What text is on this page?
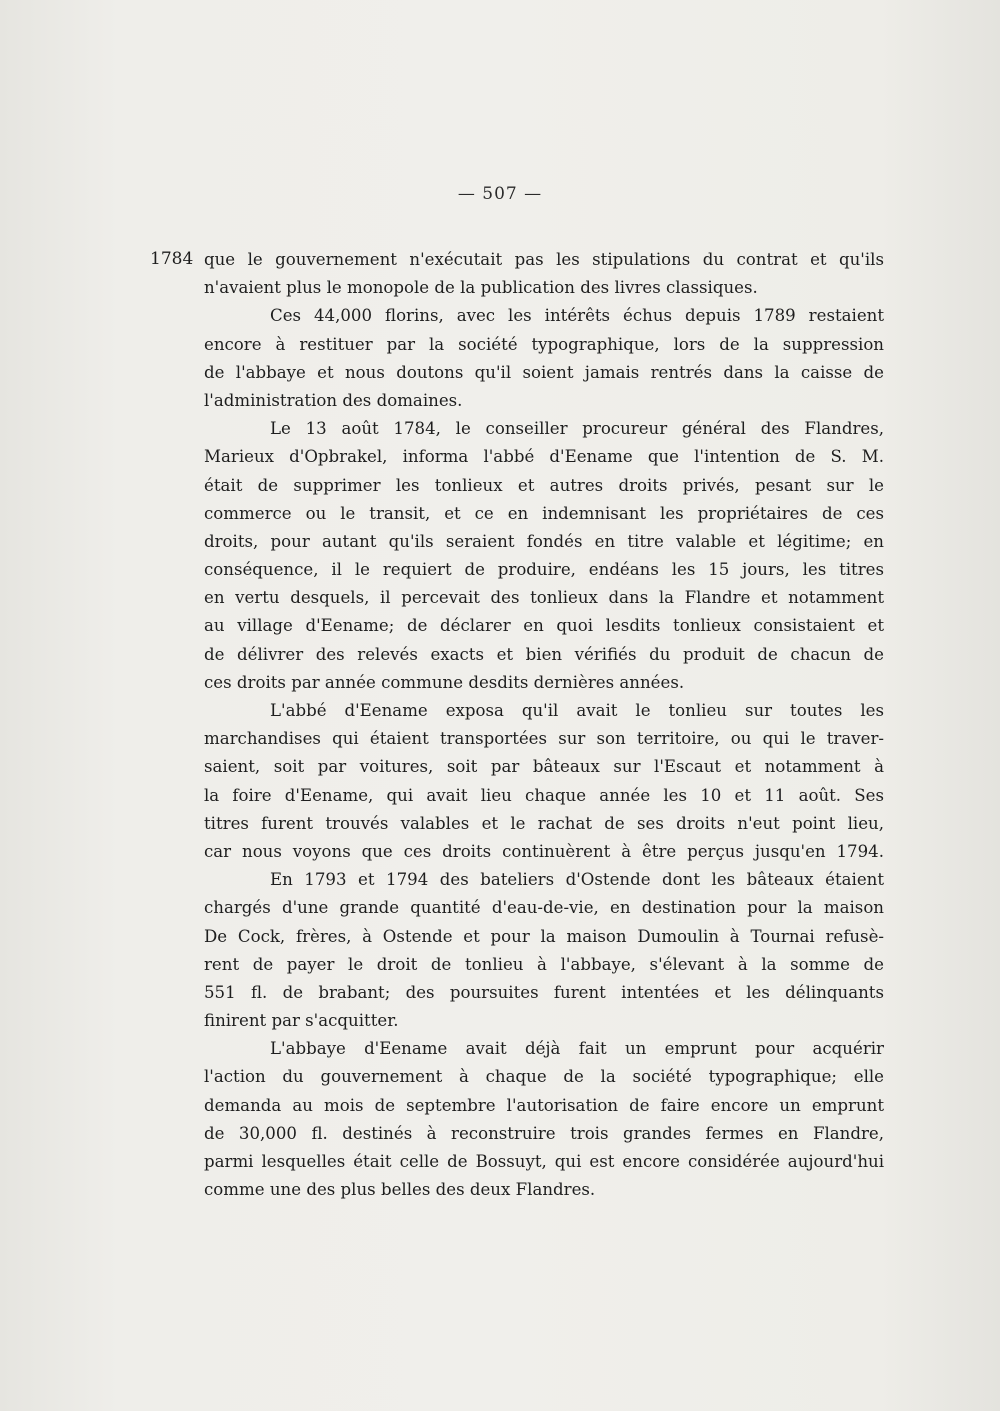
— 507 —
1784 que le gouvernement n'exécutait pas les stipulations du contrat et qu'ils
n'avaient plus le monopole de la publication des livres classiques.

Ces 44,000 florins, avec les intérêts échus depuis 1789 restaient
encore à restituer par la société typographique, lors de la suppression
de l'abbaye et nous doutons qu'il soient jamais rentrés dans la caisse de
l'administration des domaines.

Le 13 août 1784, le conseiller procureur général des Flandres,
Marieux d'Opbrakel, informa l'abbé d'Eename que l'intention de S. M.
était de supprimer les tonlieux et autres droits privés, pesant sur le
commerce ou le transit, et ce en indemnisant les propriétaires de ces
droits, pour autant qu'ils seraient fondés en titre valable et légitime; en
conséquence, il le requiert de produire, endéans les 15 jours, les titres
en vertu desquels, il percevait des tonlieux dans la Flandre et notamment
au village d'Eename; de déclarer en quoi lesdits tonlieux consistaient et
de délivrer des relevés exacts et bien vérifiés du produit de chacun de
ces droits par année commune desdits dernières années.

L'abbé d'Eename exposa qu'il avait le tonlieu sur toutes les
marchandises qui étaient transportées sur son territoire, ou qui le traver-
saient, soit par voitures, soit par bâteaux sur l'Escaut et notamment à
la foire d'Eename, qui avait lieu chaque année les 10 et 11 août. Ses
titres furent trouvés valables et le rachat de ses droits n'eut point lieu,
car nous voyons que ces droits continuèrent à être perçus jusqu'en 1794.

En 1793 et 1794 des bateliers d'Ostende dont les bâteaux étaient
chargés d'une grande quantité d'eau-de-vie, en destination pour la maison
De Cock, frères, à Ostende et pour la maison Dumoulin à Tournai refusè-
rent de payer le droit de tonlieu à l'abbaye, s'élevant à la somme de
551 fl. de brabant; des poursuites furent intentées et les délinquants
finirent par s'acquitter.

L'abbaye d'Eename avait déjà fait un emprunt pour acquérir
l'action du gouvernement à chaque de la société typographique; elle
demanda au mois de septembre l'autorisation de faire encore un emprunt
de 30,000 fl. destinés à reconstruire trois grandes fermes en Flandre,
parmi lesquelles était celle de Bossuyt, qui est encore considérée aujourd'hui
comme une des plus belles des deux Flandres.
